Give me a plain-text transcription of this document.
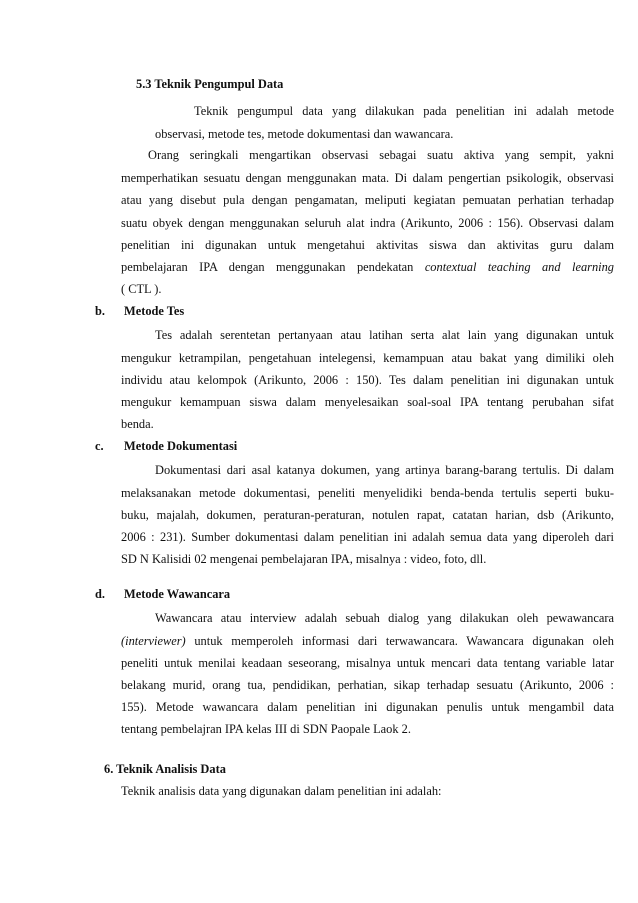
5.3 Teknik Pengumpul Data
Teknik pengumpul data yang dilakukan pada penelitian ini adalah metode
observasi, metode tes, metode dokumentasi dan wawancara.
Orang seringkali mengartikan observasi sebagai suatu aktiva yang sempit, yakni
memperhatikan sesuatu dengan menggunakan mata. Di dalam pengertian psikologik, observasi
atau yang disebut pula dengan pengamatan, meliputi kegiatan pemuatan perhatian terhadap
suatu obyek dengan menggunakan seluruh alat indra (Arikunto, 2006 : 156). Observasi dalam
penelitian ini digunakan untuk mengetahui aktivitas siswa dan aktivitas guru dalam
pembelajaran IPA dengan menggunakan pendekatan contextual teaching and learning
( CTL ).
b. Metode Tes
Tes adalah serentetan pertanyaan atau latihan serta alat lain yang digunakan untuk
mengukur ketrampilan, pengetahuan intelegensi, kemampuan atau bakat yang dimiliki oleh
individu atau kelompok (Arikunto, 2006 : 150). Tes dalam penelitian ini digunakan untuk
mengukur kemampuan siswa dalam menyelesaikan soal-soal IPA tentang perubahan sifat
benda.
c. Metode Dokumentasi
Dokumentasi dari asal katanya dokumen, yang artinya barang-barang tertulis. Di dalam
melaksanakan metode dokumentasi, peneliti menyelidiki benda-benda tertulis seperti buku-
buku, majalah, dokumen, peraturan-peraturan, notulen rapat, catatan harian, dsb (Arikunto,
2006 : 231). Sumber dokumentasi dalam penelitian ini adalah semua data yang diperoleh dari
SD N Kalisidi 02 mengenai pembelajaran IPA, misalnya : video, foto, dll.
d. Metode Wawancara
Wawancara atau interview adalah sebuah dialog yang dilakukan oleh pewawancara
(interviewer) untuk memperoleh informasi dari terwawancara. Wawancara digunakan oleh
peneliti untuk menilai keadaan seseorang, misalnya untuk mencari data tentang variable latar
belakang murid, orang tua, pendidikan, perhatian, sikap terhadap sesuatu (Arikunto, 2006 :
155). Metode wawancara dalam penelitian ini digunakan penulis untuk mengambil data
tentang pembelajran IPA kelas III di SDN Paopale Laok 2.
6. Teknik Analisis Data
Teknik analisis data yang digunakan dalam penelitian ini adalah:
